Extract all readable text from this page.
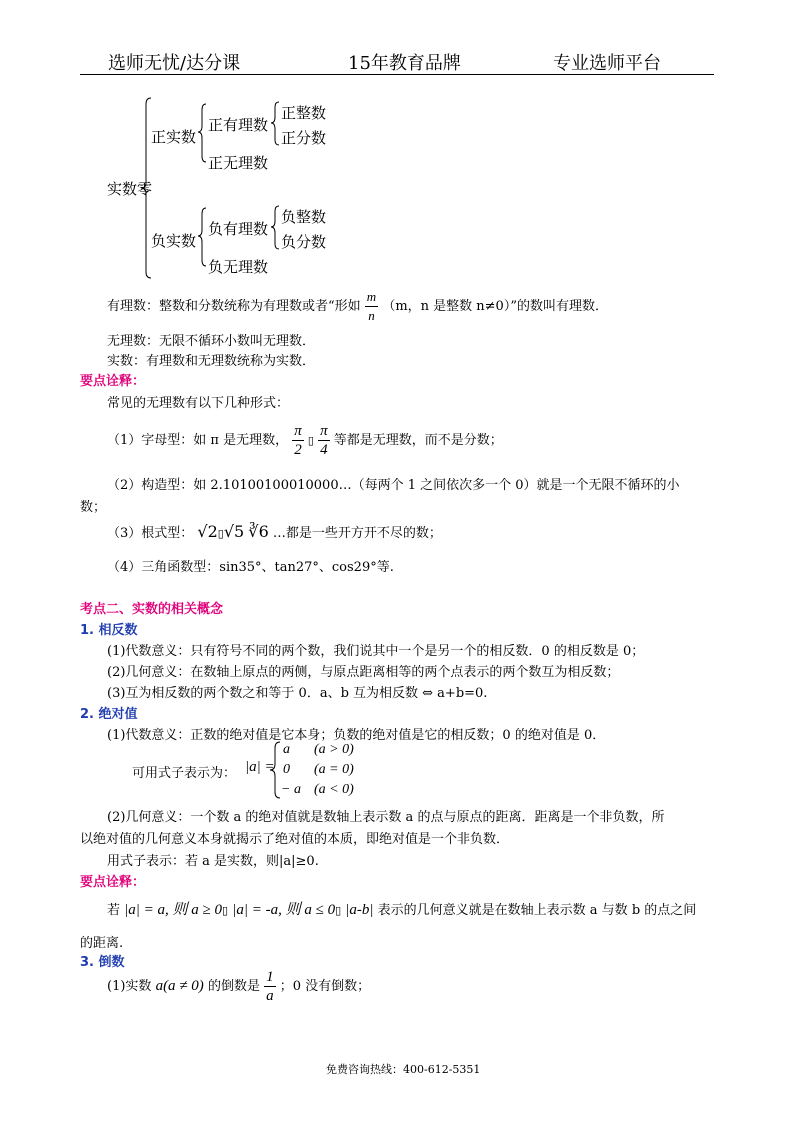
选师无忧/达分课	15年教育品牌	专业选师平台
实数 零
正实数
正有理数
正整数
正分数
正无理数
负实数
负有理数
负整数
负分数
负无理数
有理数：整数和分数统称为有理数或者“形如 $\frac{m}{n} (m$，n 是整数 n≠0）”的数叫有理数．
无理数：无限不循环小数叫无理数．
实数：有理数和无理数统称为实数．
要点诠释：
常见的无理数有以下几种形式：
（1）字母型：如 π 是无理数， $\frac{\pi}{2}$ ▯ $\frac{\pi}{4}$ 等都是无理数，而不是分数；
（2）构造型：如 2.10100100010000…（每两个 1 之间依次多一个 0）就是一个无限不循环的小
数；
（3）根式型： √2▯√5 ∛6 …都是一些开方开不尽的数；
（4）三角函数型：sin35°、tan27°、cos29°等.
考点二、实数的相关概念
1. 相反数
(1)代数意义：只有符号不同的两个数，我们说其中一个是另一个的相反数．0 的相反数是 0；
(2)几何意义：在数轴上原点的两侧，与原点距离相等的两个点表示的两个数互为相反数；
(3)互为相反数的两个数之和等于 0．a、b 互为相反数 ⇔ a+b=0.
2. 绝对值
(1)代数意义：正数的绝对值是它本身；负数的绝对值是它的相反数；0 的绝对值是 0．
可用式子表示为： |a| =
a (a > 0)
0 (a = 0)
− a (a < 0)
(2)几何意义：一个数 a 的绝对值就是数轴上表示数 a 的点与原点的距离．距离是一个非负数，所
以绝对值的几何意义本身就揭示了绝对值的本质，即绝对值是一个非负数．
用式子表示：若 a 是实数，则|a|≥0.
要点诠释：
若 |a| = a, 则 a ≥ 0▯ |a| = -a, 则 a ≤ 0▯ |a-b| 表示的几何意义就是在数轴上表示数 a 与数 b 的点之间
的距离.
3. 倒数
(1)实数 a(a ≠ 0) 的倒数是 $\frac{1}{a}$ ；0 没有倒数；
免费咨询热线：400-612-5351
